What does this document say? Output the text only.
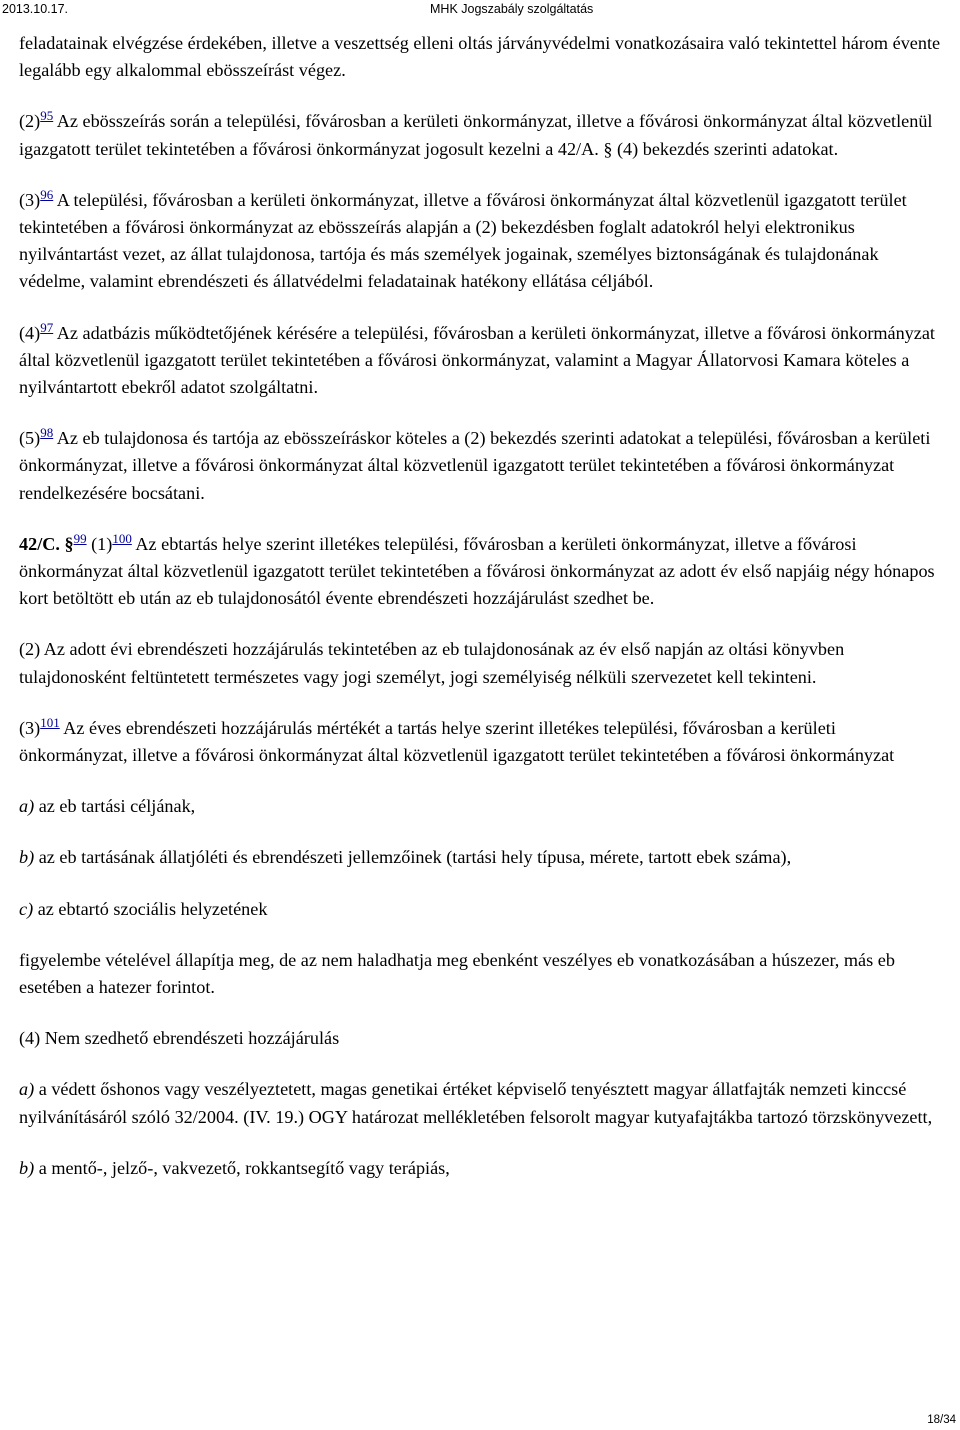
2013.10.17.	MHK Jogszabály szolgáltatás

feladatainak elvégzése érdekében, illetve a veszettség elleni oltás járványvédelmi vonatkozásaira való tekintettel három évente legalább egy alkalommal ebösszeírást végez.

$(2)^{95}$ Az ebösszeírás során a települési, fővárosban a kerületi önkormányzat, illetve a fővárosi önkormányzat által közvetlenül igazgatott terület tekintetében a fővárosi önkormányzat jogosult kezelni a 42/A. § (4) bekezdés szerinti adatokat.

$(3)^{96}$ A települési, fővárosban a kerületi önkormányzat, illetve a fővárosi önkormányzat által közvetlenül igazgatott terület tekintetében a fővárosi önkormányzat az ebösszeírás alapján a (2) bekezdésben foglalt adatokról helyi elektronikus nyilvántartást vezet, az állat tulajdonosa, tartója és más személyek jogainak, személyes biztonságának és tulajdonának védelme, valamint ebrendészeti és állatvédelmi feladatainak hatékony ellátása céljából.

$(4)^{97}$ Az adatbázis működtetőjének kérésére a települési, fővárosban a kerületi önkormányzat, illetve a fővárosi önkormányzat által közvetlenül igazgatott terület tekintetében a fővárosi önkormányzat, valamint a Magyar Állatorvosi Kamara köteles a nyilvántartott ebekről adatot szolgáltatni.

$(5)^{98}$ Az eb tulajdonosa és tartója az ebösszeíráskor köteles a (2) bekezdés szerinti adatokat a települési, fővárosban a kerületi önkormányzat, illetve a fővárosi önkormányzat által közvetlenül igazgatott terület tekintetében a fővárosi önkormányzat rendelkezésére bocsátani.

42/C. §$^{99}$ $(1)^{100}$ Az ebtartás helye szerint illetékes települési, fővárosban a kerületi önkormányzat, illetve a fővárosi önkormányzat által közvetlenül igazgatott terület tekintetében a fővárosi önkormányzat az adott év első napjáig négy hónapos kort betöltött eb után az eb tulajdonosától évente ebrendészeti hozzájárulást szedhet be.

(2) Az adott évi ebrendészeti hozzájárulás tekintetében az eb tulajdonosának az év első napján az oltási könyvben tulajdonosként feltüntetett természetes vagy jogi személyt, jogi személyiség nélküli szervezetet kell tekinteni.

$(3)^{101}$ Az éves ebrendészeti hozzájárulás mértékét a tartás helye szerint illetékes települési, fővárosban a kerületi önkormányzat, illetve a fővárosi önkormányzat által közvetlenül igazgatott terület tekintetében a fővárosi önkormányzat

a) az eb tartási céljának,

b) az eb tartásának állatjóléti és ebrendészeti jellemzőinek (tartási hely típusa, mérete, tartott ebek száma),

c) az ebtartó szociális helyzetének

figyelembe vételével állapítja meg, de az nem haladhatja meg ebenként veszélyes eb vonatkozásában a húszezer, más eb esetében a hatezer forintot.

(4) Nem szedhető ebrendészeti hozzájárulás

a) a védett őshonos vagy veszélyeztetett, magas genetikai értéket képviselő tenyésztett magyar állatfajták nemzeti kinccsé nyilvánításáról szóló 32/2004. (IV. 19.) OGY határozat mellékletében felsorolt magyar kutyafajtákba tartozó törzskönyvezett,

b) a mentő-, jelző-, vakvezető, rokkantsegítő vagy terápiás,

18/34
